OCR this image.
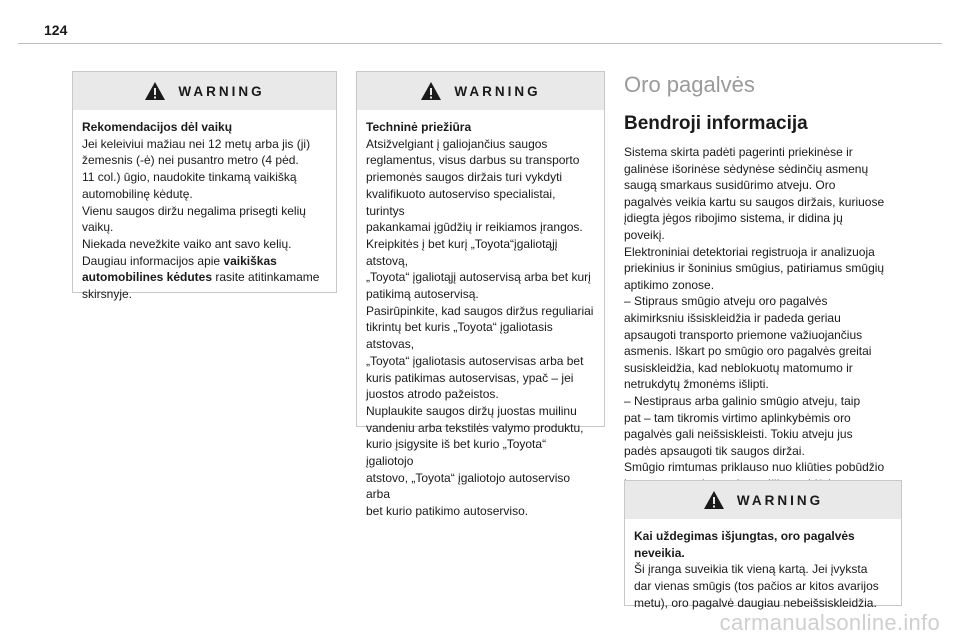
124
WARNING

Rekomendacijos dėl vaikų

Jei keleiviui mažiau nei 12 metų arba jis (ji)

žemesnis (-ė) nei pusantro metro (4 pėd.

11 col.) ūgio, naudokite tinkamą vaikišką

automobilinę kėdutę.

Vienu saugos diržu negalima prisegti kelių

vaikų.

Niekada nevežkite vaiko ant savo kelių.

Daugiau informacijos apie vaikiškas

automobilines kėdutes rasite atitinkamame

skirsnyje.

WARNING

Techninė priežiūra

Atsižvelgiant į galiojančius saugos

reglamentus, visus darbus su transporto

priemonės saugos diržais turi vykdyti

kvalifikuoto autoserviso specialistai, turintys

pakankamai įgūdžių ir reikiamos įrangos.

Kreipkitės į bet kurį „Toyota“įgaliotąjį atstovą,

„Toyota“ įgaliotąjį autoservisą arba bet kurį

patikimą autoservisą.

Pasirūpinkite, kad saugos diržus reguliariai

tikrintų bet kuris „Toyota“ įgaliotasis atstovas,

„Toyota“ įgaliotasis autoservisas arba bet

kuris patikimas autoservisas, ypač – jei

juostos atrodo pažeistos.

Nuplaukite saugos diržų juostas muilinu

vandeniu arba tekstilės valymo produktu,

kurio įsigysite iš bet kurio „Toyota“ įgaliotojo

atstovo, „Toyota“ įgaliotojo autoserviso arba

bet kurio patikimo autoserviso.

Oro pagalvės
Bendroji informacija

Sistema skirta padėti pagerinti priekinėse ir

galinėse išorinėse sėdynėse sėdinčių asmenų

saugą smarkaus susidūrimo atveju. Oro

pagalvės veikia kartu su saugos diržais, kuriuose

įdiegta jėgos ribojimo sistema, ir didina jų

poveikį.

Elektroniniai detektoriai registruoja ir analizuoja

priekinius ir šoninius smūgius, patiriamus smūgių

aptikimo zonose.

– Stipraus smūgio atveju oro pagalvės

akimirksniu išsiskleidžia ir padeda geriau

apsaugoti transporto priemone važiuojančius

asmenis. Iškart po smūgio oro pagalvės greitai

susiskleidžia, kad neblokuotų matomumo ir

netrukdytų žmonėms išlipti.

– Nestipraus arba galinio smūgio atveju, taip

pat – tam tikromis virtimo aplinkybėmis oro

pagalvės gali neišsiskleisti. Tokiu atveju jus

padės apsaugoti tik saugos diržai.

Smūgio rimtumas priklauso nuo kliūties pobūdžio

WARNING

Kai uždegimas išjungtas, oro pagalvės

neveikia.

Ši įranga suveikia tik vieną kartą. Jei įvyksta

dar vienas smūgis (tos pačios ar kitos avarijos

metu), oro pagalvė daugiau nebeišsiskleidžia.

carmanualsonline.info
